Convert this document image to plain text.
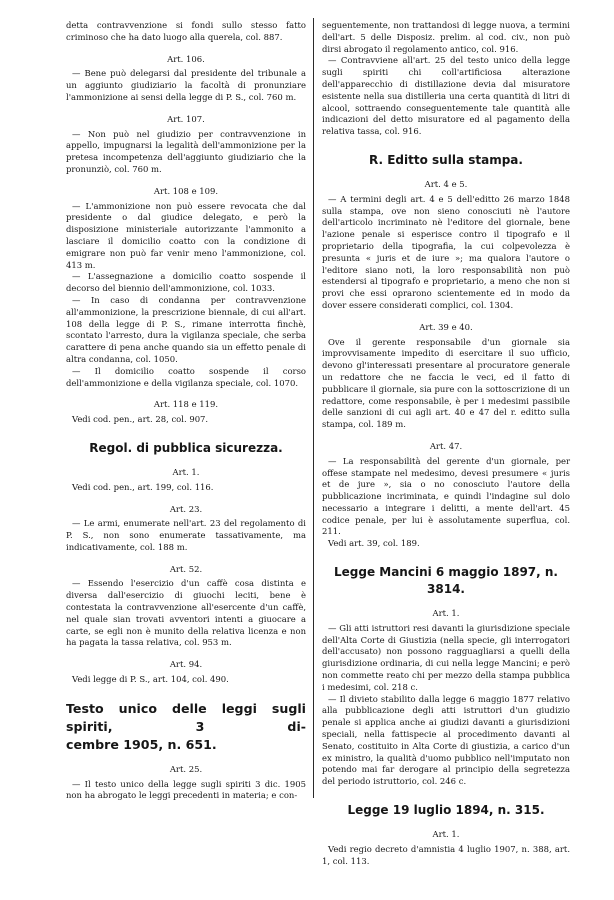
detta contravvenzione si fondi sullo stesso fatto criminoso che ha dato luogo alla querela, col. 887.

Art. 106.

— Bene può delegarsi dal presidente del tribunale a un aggiunto giudiziario la facoltà di pronunziare l'ammonizione ai sensi della legge di P. S., col. 760 m.

Art. 107.

— Non può nel giudizio per contravvenzione in appello, impugnarsi la legalità dell'ammonizione per la pretesa incompetenza dell'aggiunto giudiziario che la pronunziò, col. 760 m.

Art. 108 e 109.

— L'ammonizione non può essere revocata che dal presidente o dal giudice delegato, e però la disposizione ministeriale autorizzante l'ammonito a lasciare il domicilio coatto con la condizione di emigrare non può far venir meno l'ammonizione, col. 413 m.

— L'assegnazione a domicilio coatto sospende il decorso del biennio dell'ammonizione, col. 1033.

— In caso di condanna per contravvenzione all'ammonizione, la prescrizione biennale, di cui all'art. 108 della legge di P. S., rimane interrotta finchè, scontato l'arresto, dura la vigilanza speciale, che serba carattere di pena anche quando sia un effetto penale di altra condanna, col. 1050.

— Il domicilio coatto sospende il corso dell'ammonizione e della vigilanza speciale, col. 1070.

Art. 118 e 119.

Vedi cod. pen., art. 28, col. 907.

Regol. di pubblica sicurezza.
Art. 1.

Vedi cod. pen., art. 199, col. 116.

Art. 23.

— Le armi, enumerate nell'art. 23 del regolamento di P. S., non sono enumerate tassativamente, ma indicativamente, col. 188 m.

Art. 52.

— Essendo l'esercizio d'un caffè cosa distinta e diversa dall'esercizio di giuochi leciti, bene è contestata la contravvenzione all'esercente d'un caffè, nel quale sian trovati avventori intenti a giuocare a carte, se egli non è munito della relativa licenza e non ha pagata la tassa relativa, col. 953 m.

Art. 94.

Vedi legge di P. S., art. 104, col. 490.

Testo unico delle leggi sugli spiriti, 3 di-
cembre 1905, n. 651.
Art. 25.

— Il testo unico della legge sugli spiriti 3 dic. 1905 non ha abrogato le leggi precedenti in materia; e con-

seguentemente, non trattandosi di legge nuova, a termini dell'art. 5 delle Disposiz. prelim. al cod. civ., non può dirsi abrogato il regolamento antico, col. 916.

— Contravviene all'art. 25 del testo unico della legge sugli spiriti chi coll'artificiosa alterazione dell'apparecchio di distillazione devia dal misuratore esistente nella sua distilleria una certa quantità di litri di alcool, sottraendo conseguentemente tale quantità alle indicazioni del detto misuratore ed al pagamento della relativa tassa, col. 916.

R. Editto sulla stampa.
Art. 4 e 5.

— A termini degli art. 4 e 5 dell'editto 26 marzo 1848 sulla stampa, ove non sieno conosciuti nè l'autore dell'articolo incriminato nè l'editore del giornale, bene l'azione penale si esperisce contro il tipografo e il proprietario della tipografia, la cui colpevolezza è presunta « juris et de iure »; ma qualora l'autore o l'editore siano noti, la loro responsabilità non può estendersi al tipografo e proprietario, a meno che non si provi che essi oprarono scientemente ed in modo da dover essere considerati complici, col. 1304.

Art. 39 e 40.

Ove il gerente responsabile d'un giornale sia improvvisamente impedito di esercitare il suo ufficio, devono gl'interessati presentare al procuratore generale un redattore che ne faccia le veci, ed il fatto di pubblicare il giornale, sia pure con la sottoscrizione di un redattore, come responsabile, è per i medesimi passibile delle sanzioni di cui agli art. 40 e 47 del r. editto sulla stampa, col. 189 m.

Art. 47.

— La responsabilità del gerente d'un giornale, per offese stampate nel medesimo, devesi presumere « juris et de jure », sia o no conosciuto l'autore della pubblicazione incriminata, e quindi l'indagine sul dolo necessario a integrare i delitti, a mente dell'art. 45 codice penale, per lui è assolutamente superflua, col. 211.

Vedi art. 39, col. 189.

Legge Mancini 6 maggio 1897, n. 3814.
Art. 1.

— Gli atti istruttori resi davanti la giurisdizione speciale dell'Alta Corte di Giustizia (nella specie, gli interrogatori dell'accusato) non possono ragguagliarsi a quelli della giurisdizione ordinaria, di cui nella legge Mancini; e però non commette reato chi per mezzo della stampa pubblica i medesimi, col. 218 c.

— Il divieto stabilito dalla legge 6 maggio 1877 relativo alla pubblicazione degli atti istruttori d'un giudizio penale si applica anche ai giudizi davanti a giurisdizioni speciali, nella fattispecie al procedimento davanti al Senato, costituito in Alta Corte di giustizia, a carico d'un ex ministro, la qualità d'uomo pubblico nell'imputato non potendo mai far derogare al principio della segretezza del periodo istruttorio, col. 246 c.

Legge 19 luglio 1894, n. 315.
Art. 1.

Vedi regio decreto d'amnistia 4 luglio 1907, n. 388, art. 1, col. 113.
